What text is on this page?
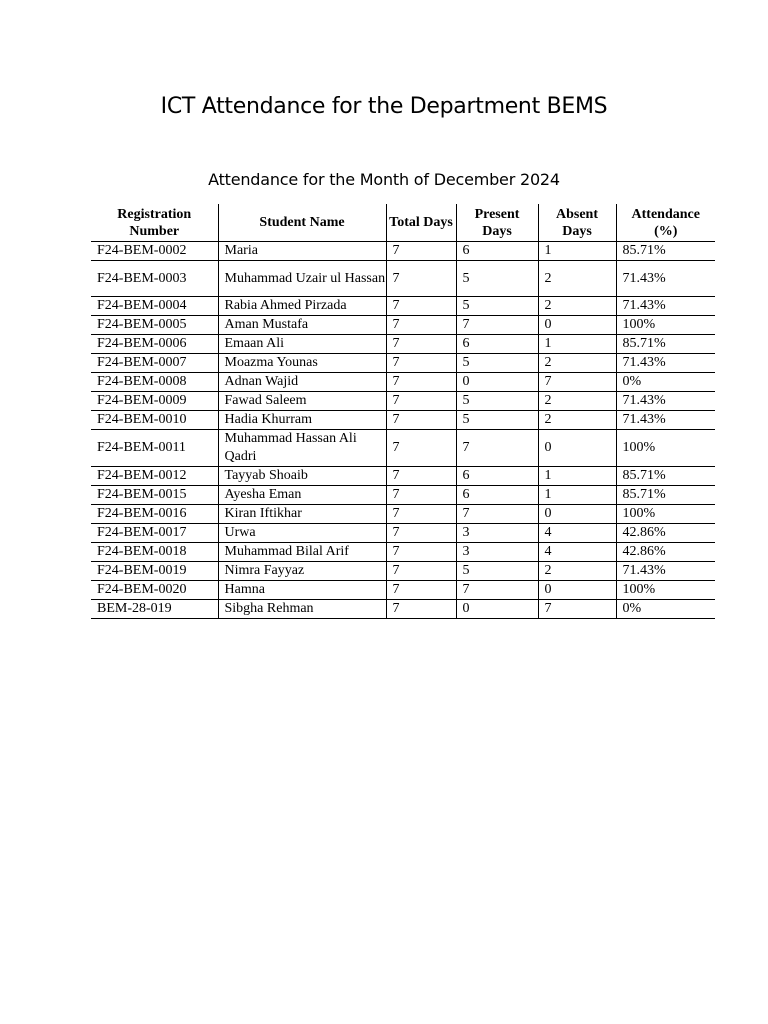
ICT Attendance for the Department BEMS
Attendance for the Month of December 2024
Registration Number	Student Name	Total Days	Present Days	Absent Days	Attendance (%)
F24-BEM-0002	Maria	7	6	1	85.71%
F24-BEM-0003	Muhammad Uzair ul Hassan	7	5	2	71.43%
F24-BEM-0004	Rabia Ahmed Pirzada	7	5	2	71.43%
F24-BEM-0005	Aman Mustafa	7	7	0	100%
F24-BEM-0006	Emaan Ali	7	6	1	85.71%
F24-BEM-0007	Moazma Younas	7	5	2	71.43%
F24-BEM-0008	Adnan Wajid	7	0	7	0%
F24-BEM-0009	Fawad Saleem	7	5	2	71.43%
F24-BEM-0010	Hadia Khurram	7	5	2	71.43%
F24-BEM-0011	Muhammad Hassan Ali Qadri	7	7	0	100%
F24-BEM-0012	Tayyab Shoaib	7	6	1	85.71%
F24-BEM-0015	Ayesha Eman	7	6	1	85.71%
F24-BEM-0016	Kiran Iftikhar	7	7	0	100%
F24-BEM-0017	Urwa	7	3	4	42.86%
F24-BEM-0018	Muhammad Bilal Arif	7	3	4	42.86%
F24-BEM-0019	Nimra Fayyaz	7	5	2	71.43%
F24-BEM-0020	Hamna	7	7	0	100%
BEM-28-019	Sibgha Rehman	7	0	7	0%
